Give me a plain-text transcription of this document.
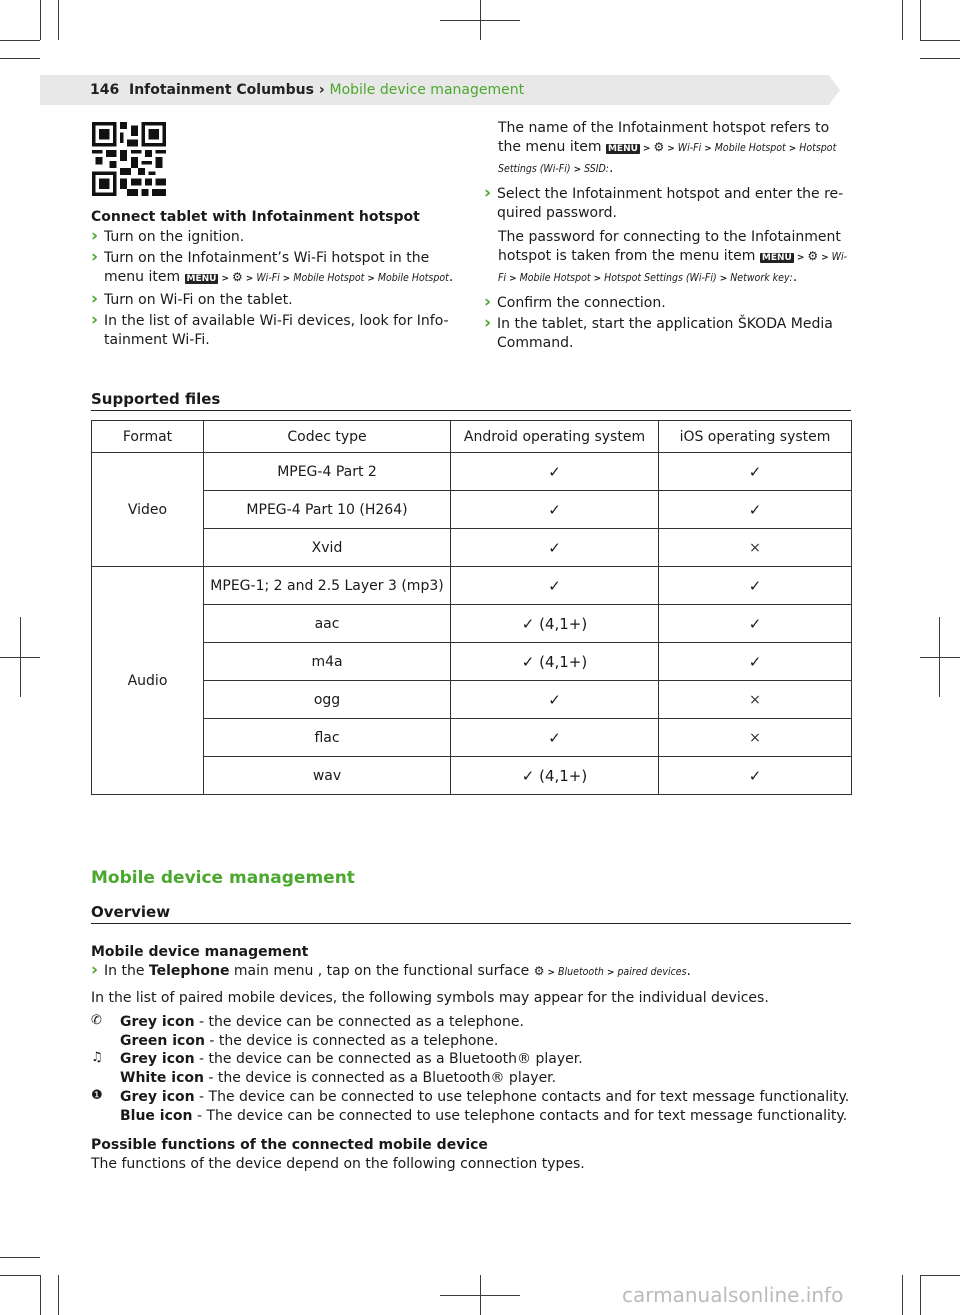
146 Infotainment Columbus › Mobile device management

Connect tablet with Infotainment hotspot

› Turn on the ignition.
› Turn on the Infotainment’s Wi-Fi hotspot in the menu item MENU > ⚙ > Wi-Fi > Mobile Hotspot > Mobile Hotspot.
› Turn on Wi-Fi on the tablet.
› In the list of available Wi-Fi devices, look for Info-tainment Wi-Fi.

The name of the Infotainment hotspot refers to the menu item MENU > ⚙ > Wi-Fi > Mobile Hotspot > Hotspot Settings (Wi-Fi) > SSID:.

› Select the Infotainment hotspot and enter the re-quired password.

The password for connecting to the Infotainment hotspot is taken from the menu item MENU > ⚙ > Wi-Fi > Mobile Hotspot > Hotspot Settings (Wi-Fi) > Network key:.

› Confirm the connection.
› In the tablet, start the application ŠKODA Media Command.
Supported files
Format	Codec type	Android operating system	iOS operating system
Video	MPEG-4 Part 2	✓	✓
	MPEG-4 Part 10 (H264)	✓	✓
	Xvid	✓	×
Audio	MPEG-1; 2 and 2.5 Layer 3 (mp3)	✓	✓
	aac	✓ (4,1+)	✓
	m4a	✓ (4,1+)	✓
	ogg	✓	×
	flac	✓	×
	wav	✓ (4,1+)	✓
Mobile device management
Overview

Mobile device management

› In the Telephone main menu , tap on the functional surface ⚙ > Bluetooth > paired devices.

In the list of paired mobile devices, the following symbols may appear for the individual devices.

✆ Grey icon - the device can be connected as a telephone.
Green icon - the device is connected as a telephone.
♫ Grey icon - the device can be connected as a Bluetooth® player.
White icon - the device is connected as a Bluetooth® player.
❶ Grey icon - The device can be connected to use telephone contacts and for text message functionality.
Blue icon - The device can be connected to use telephone contacts and for text message functionality.

Possible functions of the connected mobile device

The functions of the device depend on the following connection types.

carmanualsonline.info
